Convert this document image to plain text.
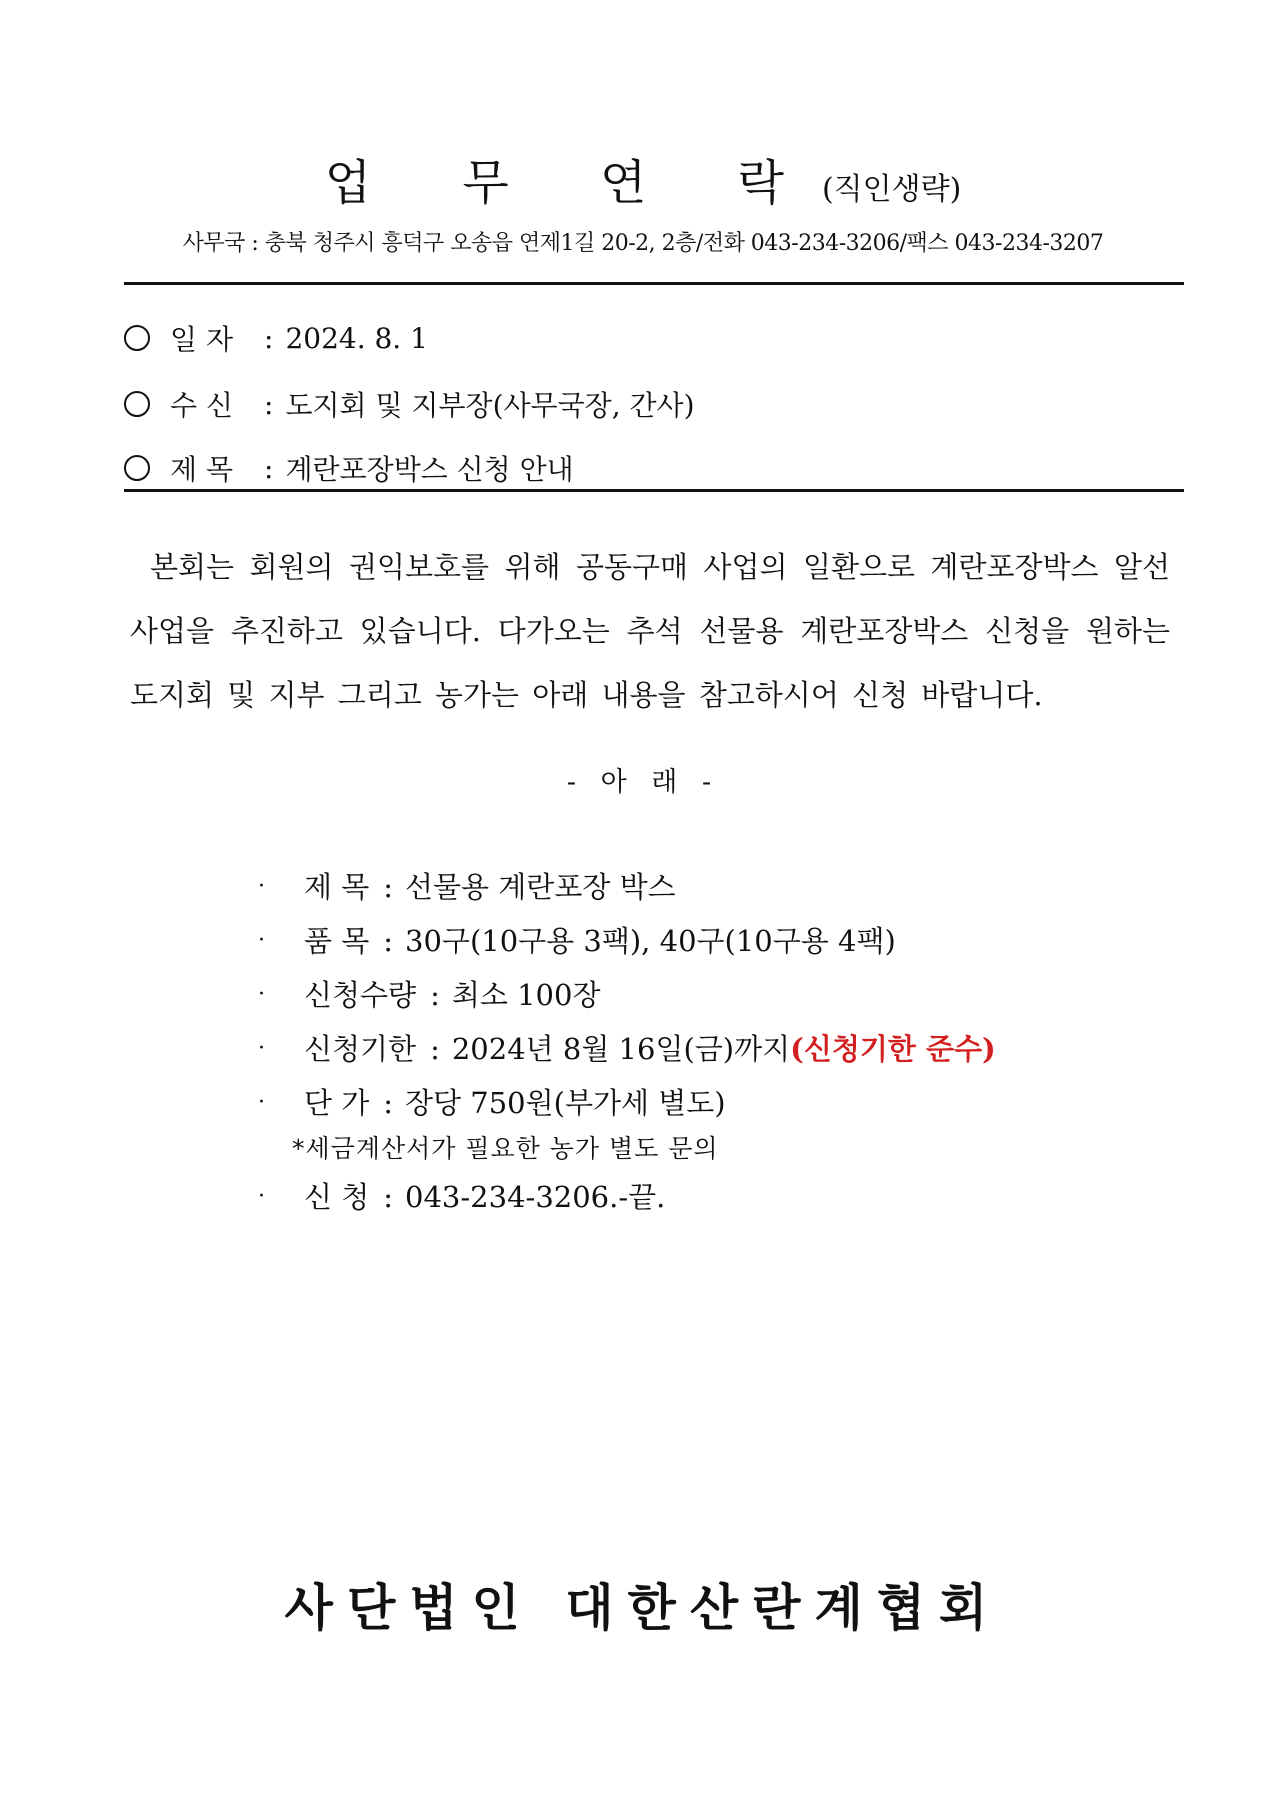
업 무 연 락(직인생략)
사무국 : 충북 청주시 흥덕구 오송읍 연제1길 20-2, 2층/전화 043-234-3206/팩스 043-234-3207
일 자	: 2024. 8. 1
수 신	: 도지회 및 지부장(사무국장, 간사)
제 목	: 계란포장박스 신청 안내
본회는 회원의 권익보호를 위해 공동구매 사업의 일환으로 계란포장박스 알선 사업을 추진하고 있습니다. 다가오는 추석 선물용 계란포장박스 신청을 원하는 도지회 및 지부 그리고 농가는 아래 내용을 참고하시어 신청 바랍니다.
- 아 래 -
·	제 목 : 선물용 계란포장 박스
·	품 목 : 30구(10구용 3팩), 40구(10구용 4팩)
·	신청수량 : 최소 100장
·	신청기한 : 2024년 8월 16일(금)까지 (신청기한 준수)
·	단 가 : 장당 750원(부가세 별도)
*세금계산서가 필요한 농가 별도 문의
·	신 청 : 043-234-3206.-끝.
사단법인 대한산란계협회
